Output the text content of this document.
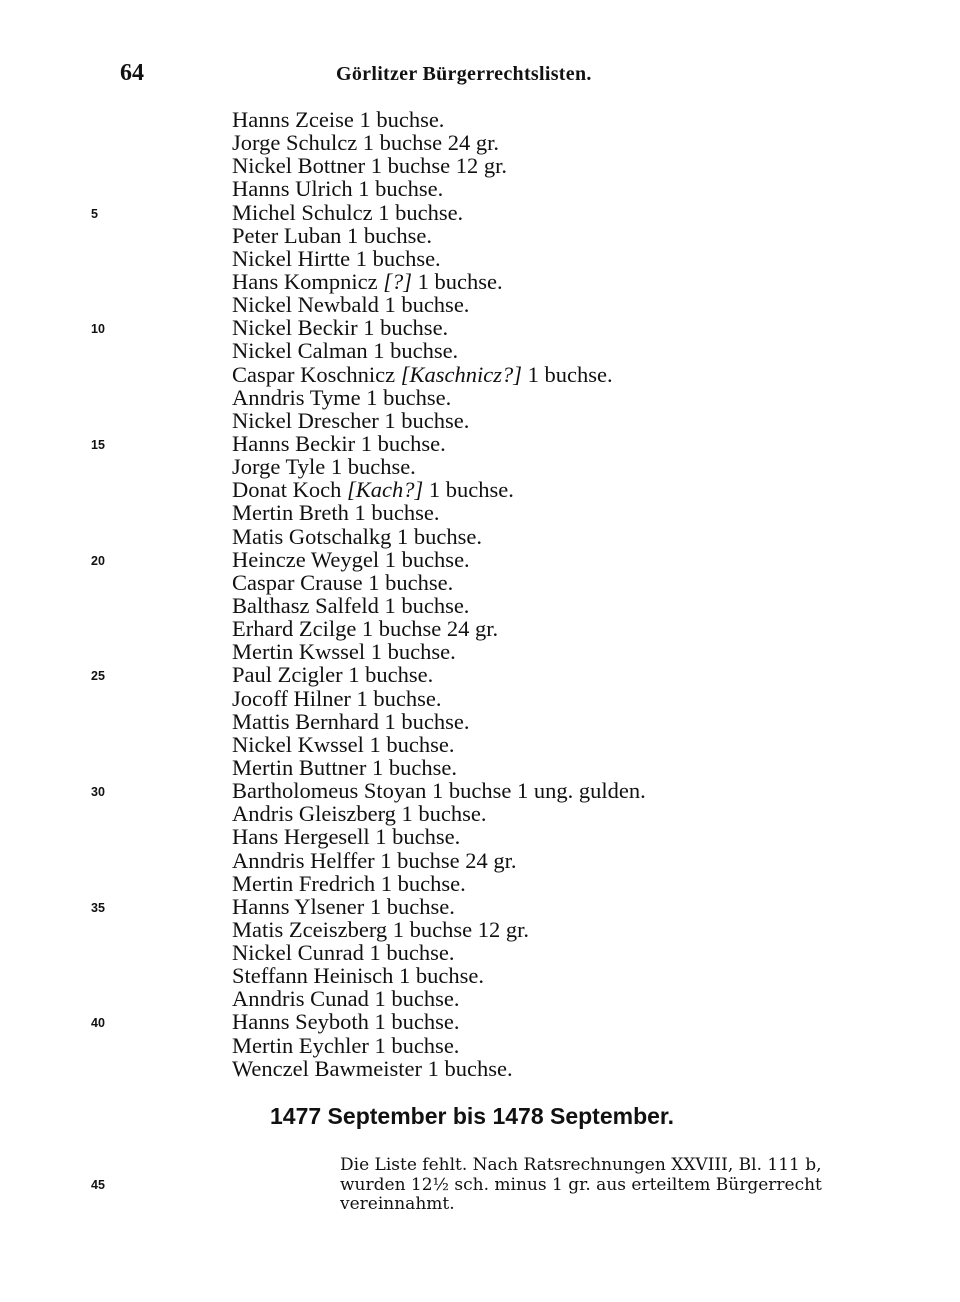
64	Görlitzer Bürgerrechtslisten.
Hanns Zceise 1 buchse.
Jorge Schulcz 1 buchse 24 gr.
Nickel Bottner 1 buchse 12 gr.
Hanns Ulrich 1 buchse.
5	Michel Schulcz 1 buchse.
Peter Luban 1 buchse.
Nickel Hirtte 1 buchse.
Hans Kompnicz [?] 1 buchse.
Nickel Newbald 1 buchse.
10	Nickel Beckir 1 buchse.
Nickel Calman 1 buchse.
Caspar Koschnicz [Kaschnicz?] 1 buchse.
Anndris Tyme 1 buchse.
Nickel Drescher 1 buchse.
15	Hanns Beckir 1 buchse.
Jorge Tyle 1 buchse.
Donat Koch [Kach?] 1 buchse.
Mertin Breth 1 buchse.
Matis Gotschalkg 1 buchse.
20	Heincze Weygel 1 buchse.
Caspar Crause 1 buchse.
Balthasz Salfeld 1 buchse.
Erhard Zcilge 1 buchse 24 gr.
Mertin Kwssel 1 buchse.
25	Paul Zcigler 1 buchse.
Jocoff Hilner 1 buchse.
Mattis Bernhard 1 buchse.
Nickel Kwssel 1 buchse.
Mertin Buttner 1 buchse.
30	Bartholomeus Stoyan 1 buchse 1 ung. gulden.
Andris Gleiszberg 1 buchse.
Hans Hergesell 1 buchse.
Anndris Helffer 1 buchse 24 gr.
Mertin Fredrich 1 buchse.
35	Hanns Ylsener 1 buchse.
Matis Zceiszberg 1 buchse 12 gr.
Nickel Cunrad 1 buchse.
Steffann Heinisch 1 buchse.
Anndris Cunad 1 buchse.
40	Hanns Seyboth 1 buchse.
Mertin Eychler 1 buchse.
Wenczel Bawmeister 1 buchse.
1477 September bis 1478 September.
Die Liste fehlt. Nach Ratsrechnungen XXVIII, Bl. 111 b,
wurden 12½ sch. minus 1 gr. aus erteiltem Bürgerrecht
vereinnahmt.
45
